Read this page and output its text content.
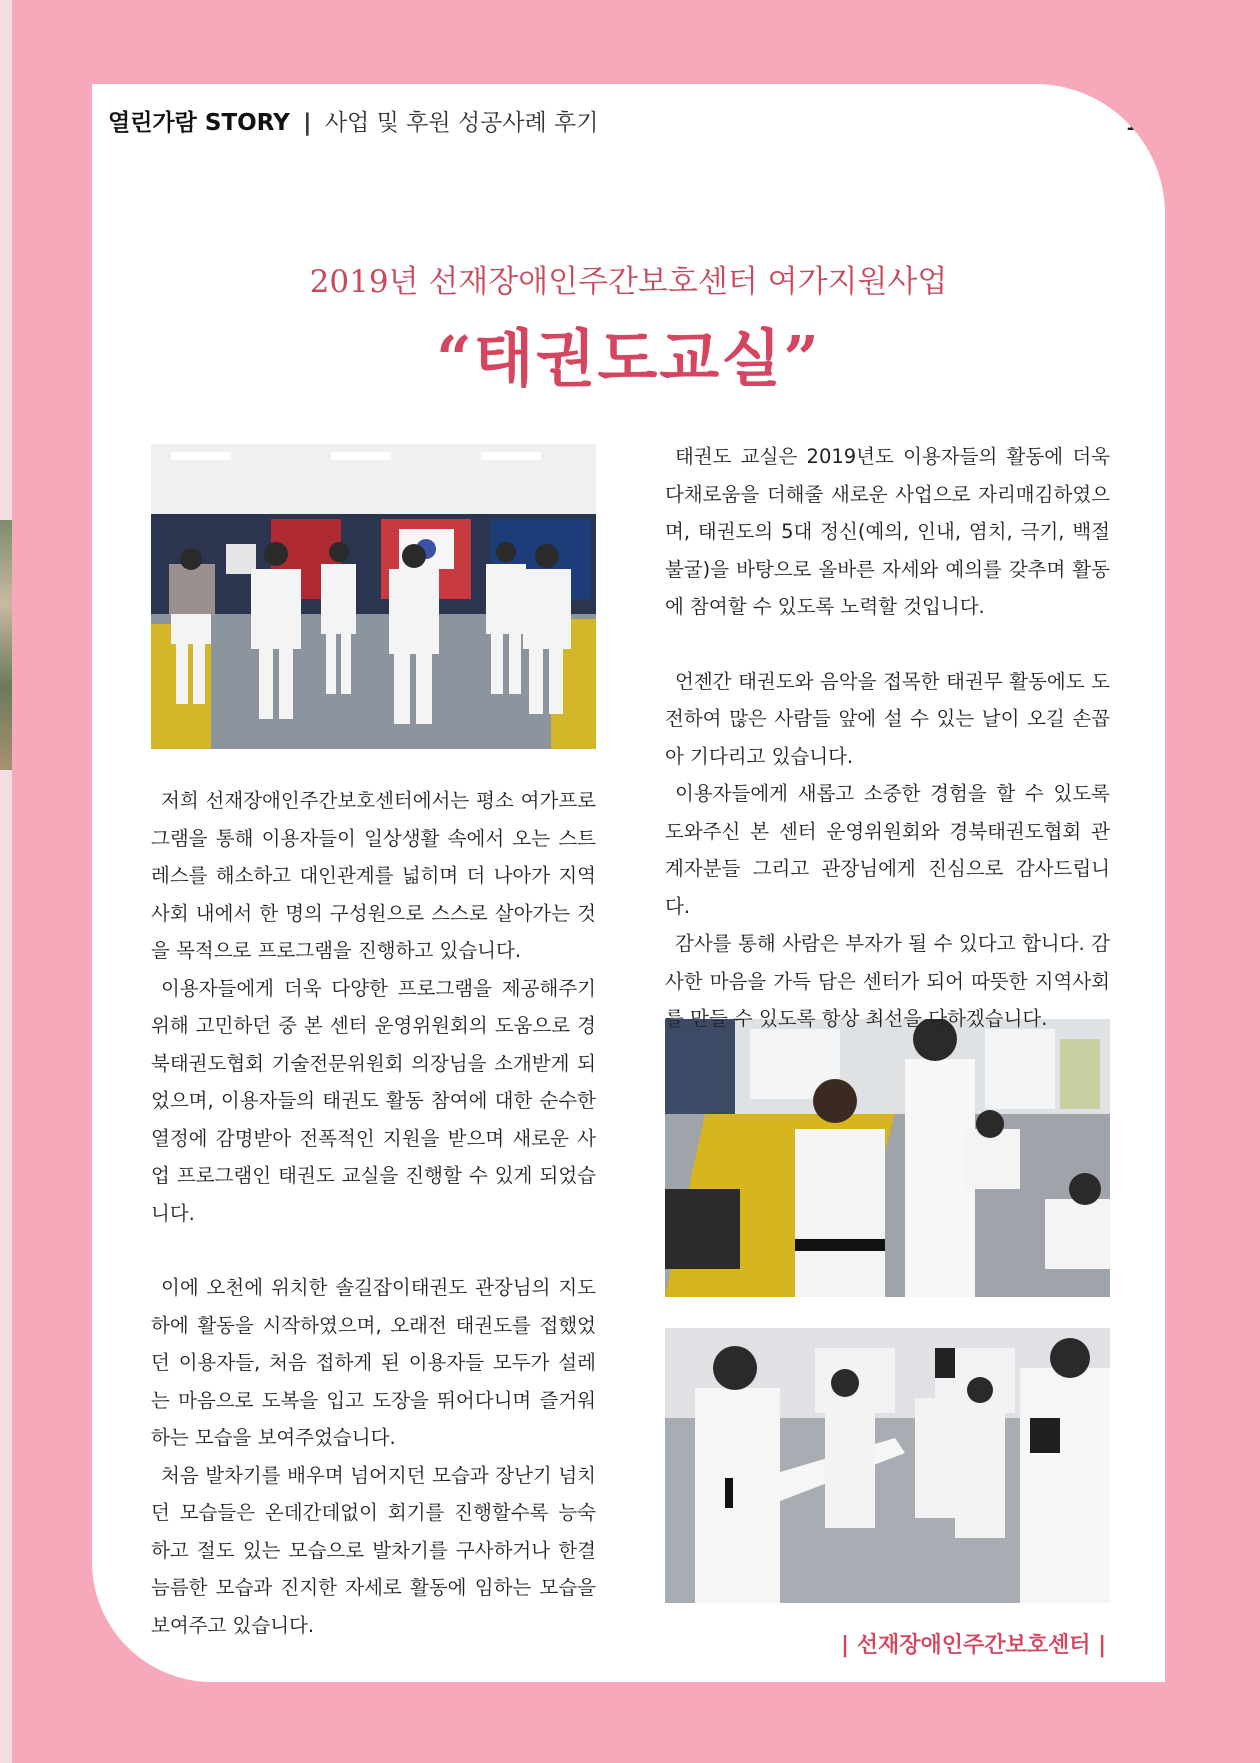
열린가람 STORY | 사업 및 후원 성공사례 후기	13
2019년 선재장애인주간보호센터 여가지원사업
“태권도교실”

저희 선재장애인주간보호센터에서는 평소 여가프로그램을 통해 이용자들이 일상생활 속에서 오는 스트레스를 해소하고 대인관계를 넓히며 더 나아가 지역사회 내에서 한 명의 구성원으로 스스로 살아가는 것을 목적으로 프로그램을 진행하고 있습니다.

이용자들에게 더욱 다양한 프로그램을 제공해주기 위해 고민하던 중 본 센터 운영위원회의 도움으로 경북태권도협회 기술전문위원회 의장님을 소개받게 되었으며, 이용자들의 태권도 활동 참여에 대한 순수한 열정에 감명받아 전폭적인 지원을 받으며 새로운 사업 프로그램인 태권도 교실을 진행할 수 있게 되었습니다.

이에 오천에 위치한 솔길잡이태권도 관장님의 지도하에 활동을 시작하였으며, 오래전 태권도를 접했었던 이용자들, 처음 접하게 된 이용자들 모두가 설레는 마음으로 도복을 입고 도장을 뛰어다니며 즐거워하는 모습을 보여주었습니다.

처음 발차기를 배우며 넘어지던 모습과 장난기 넘치던 모습들은 온데간데없이 회기를 진행할수록 능숙하고 절도 있는 모습으로 발차기를 구사하거나 한결 늠름한 모습과 진지한 자세로 활동에 임하는 모습을 보여주고 있습니다.

태권도 교실은 2019년도 이용자들의 활동에 더욱 다채로움을 더해줄 새로운 사업으로 자리매김하였으며, 태권도의 5대 정신(예의, 인내, 염치, 극기, 백절불굴)을 바탕으로 올바른 자세와 예의를 갖추며 활동에 참여할 수 있도록 노력할 것입니다.

언젠간 태권도와 음악을 접목한 태권무 활동에도 도전하여 많은 사람들 앞에 설 수 있는 날이 오길 손꼽아 기다리고 있습니다.

이용자들에게 새롭고 소중한 경험을 할 수 있도록 도와주신 본 센터 운영위원회와 경북태권도협회 관계자분들 그리고 관장님에게 진심으로 감사드립니다.

감사를 통해 사람은 부자가 될 수 있다고 합니다. 감사한 마음을 가득 담은 센터가 되어 따뜻한 지역사회를 만들 수 있도록 항상 최선을 다하겠습니다.

| 선재장애인주간보호센터 |
